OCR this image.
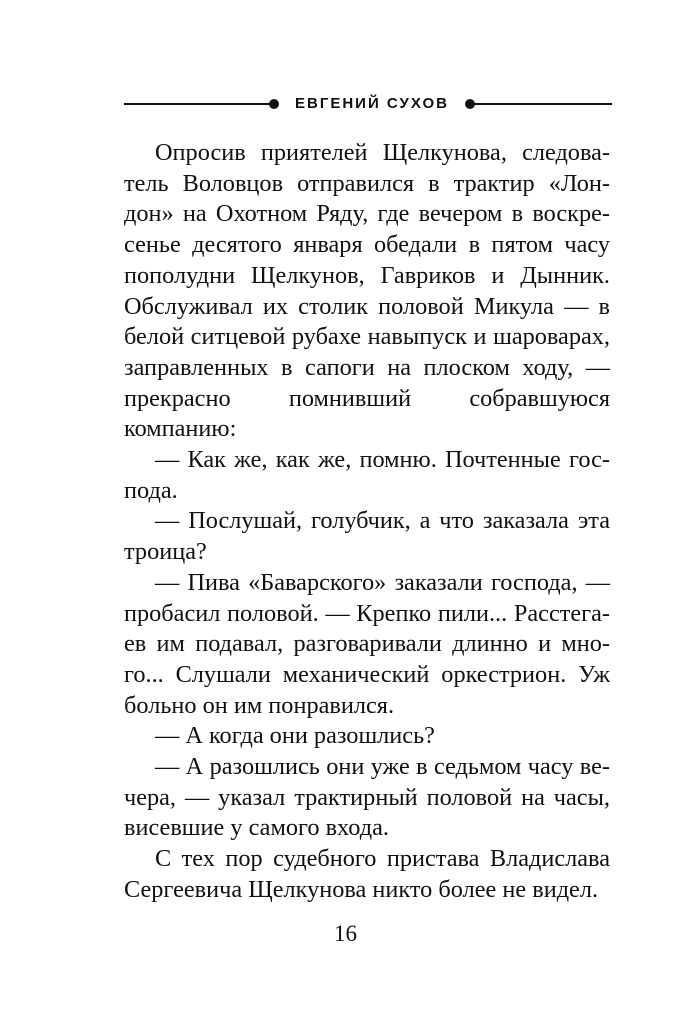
ЕВГЕНИЙ СУХОВ

Опросив приятелей Щелкунова, следователь Воловцов отправился в трактир «Лондон» на Охотном Ряду, где вечером в воскресенье десятого января обедали в пятом часу пополудни Щелкунов, Гавриков и Дынник. Обслуживал их столик половой Микула — в белой ситцевой рубахе навыпуск и шароварах, заправленных в сапоги на плоском ходу, — прекрасно помнивший собравшуюся компанию:

— Как же, как же, помню. Почтенные господа.

— Послушай, голубчик, а что заказала эта троица?

— Пива «Баварского» заказали господа, — пробасил половой. — Крепко пили... Расстегаев им подавал, разговаривали длинно и много... Слушали механический оркестрион. Уж больно он им понравился.

— А когда они разошлись?

— А разошлись они уже в седьмом часу вечера, — указал трактирный половой на часы, висевшие у самого входа.

С тех пор судебного пристава Владислава Сергеевича Щелкунова никто более не видел.

16
